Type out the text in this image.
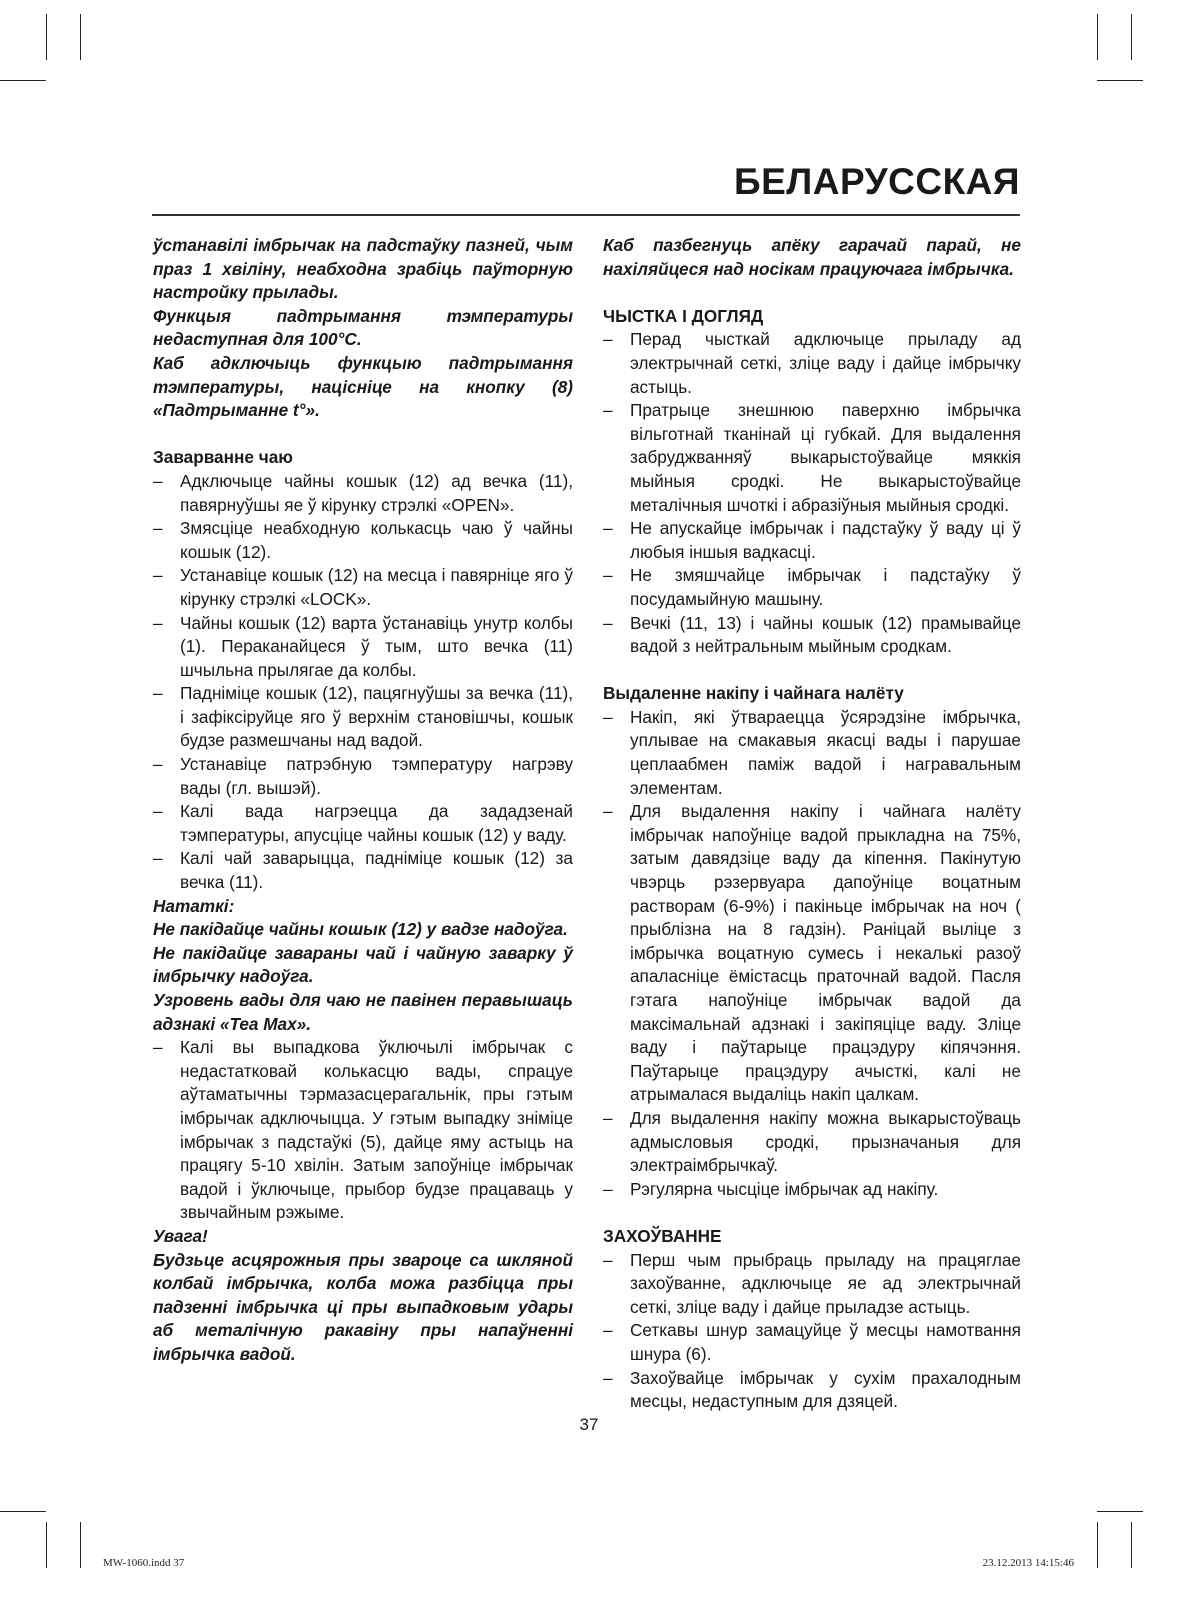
БЕЛАРУССКАЯ

ўстанавілі імбрычак на падстаўку пазней, чым праз 1 хвіліну, неабходна зрабіць паўторную настройку прылады.

Функцыя падтрымання тэмпературы недаступная для 100°С.

Каб адключыць функцыю падтрымання тэмпературы, націсніце на кнопку (8) «Падтрыманне t°».

Заварванне чаю

– Адключыце чайны кошык (12) ад вечка (11), павярнуўшы яе ў кірунку стрэлкі «OPEN».
– Змясціце неабходную колькасць чаю ў чайны кошык (12).
– Устанавіце кошык (12) на месца і павярніце яго ў кірунку стрэлкі «LOCK».
– Чайны кошык (12) варта ўстанавіць унутр колбы (1). Пераканайцеся ў тым, што вечка (11) шчыльна прылягае да колбы.
– Падніміце кошык (12), пацягнуўшы за вечка (11), і зафіксіруйце яго ў верхнім становішчы, кошык будзе размешчаны над вадой.
– Устанавіце патрэбную тэмпературу нагрэву вады (гл. вышэй).
– Калі вада нагрэецца да зададзенай тэмпературы, апусціце чайны кошык (12) у ваду.
– Калі чай заварыцца, падніміце кошык (12) за вечка (11).

Нататкі:

Не пакідайце чайны кошык (12) у вадзе надоўга.

Не пакідайце завараны чай і чайную заварку ў імбрычку надоўга.

Узровень вады для чаю не павінен перавышаць адзнакі «Tea Max».

– Калі вы выпадкова ўключылі імбрычак с недастатковай колькасцю вады, спрацуе аўтаматычны тэрмазасцерагальнік, пры гэтым імбрычак адключыцца. У гэтым выпадку зніміце імбрычак з падстаўкі (5), дайце яму астыць на працягу 5-10 хвілін. Затым запоўніце імбрычак вадой і ўключыце, прыбор будзе працаваць у звычайным рэжыме.

Увага!

Будзьце асцярожныя пры звароце са шкляной колбай імбрычка, колба можа разбіцца пры падзенні імбрычка ці пры выпадковым удары аб металічную ракавіну пры напаўненні імбрычка вадой.

Каб пазбегнуць апёку гарачай парай, не нахіляйцеся над носікам працуючага імбрычка.

ЧЫСТКА І ДОГЛЯД

– Перад чысткай адключыце прыладу ад электрычнай сеткі, зліце ваду і дайце імбрычку астыць.
– Пратрыце знешнюю паверхню імбрычка вільготнай тканінай ці губкай. Для выдалення забруджванняў выкарыстоўвайце мяккія мыйныя сродкі. Не выкарыстоўвайце металічныя шчоткі і абразіўныя мыйныя сродкі.
– Не апускайце імбрычак і падстаўку ў ваду ці ў любыя іншыя вадкасці.
– Не змяшчайце імбрычак і падстаўку ў посудамыйную машыну.
– Вечкі (11, 13) і чайны кошык (12) прамывайце вадой з нейтральным мыйным сродкам.

Выдаленне накіпу і чайнага налёту

– Накіп, які ўтвараецца ўсярэдзіне імбрычка, уплывае на смакавыя якасці вады і парушае цеплаабмен паміж вадой і награвальным элементам.
– Для выдалення накіпу і чайнага налёту імбрычак напоўніце вадой прыкладна на 75%, затым давядзіце ваду да кіпення. Пакінутую чвэрць рэзервуара дапоўніце воцатным растворам (6-9%) і пакіньце імбрычак на ноч ( прыблізна на 8 гадзін). Раніцай выліце з імбрычка воцатную сумесь і некалькі разоў апаласніце ёмістасць праточнай вадой. Пасля гэтага напоўніце імбрычак вадой да максімальнай адзнакі і закіпяціце ваду. Зліце ваду і паўтарыце працэдуру кіпячэння. Паўтарыце працэдуру ачысткі, калі не атрымалася выдаліць накіп цалкам.
– Для выдалення накіпу можна выкарыстоўваць адмысловыя сродкі, прызначаныя для электраімбрычкаў.
– Рэгулярна чысціце імбрычак ад накіпу.

ЗАХОЎВАННЕ

– Перш чым прыбраць прыладу на працяглае захоўванне, адключыце яе ад электрычнай сеткі, зліце ваду і дайце прыладзе астыць.
– Сеткавы шнур замацуйце ў месцы намотвання шнура (6).
– Захоўвайце імбрычак у сухім прахалодным месцы, недаступным для дзяцей.
37
MW-1060.indd 37	23.12.2013 14:15:46
